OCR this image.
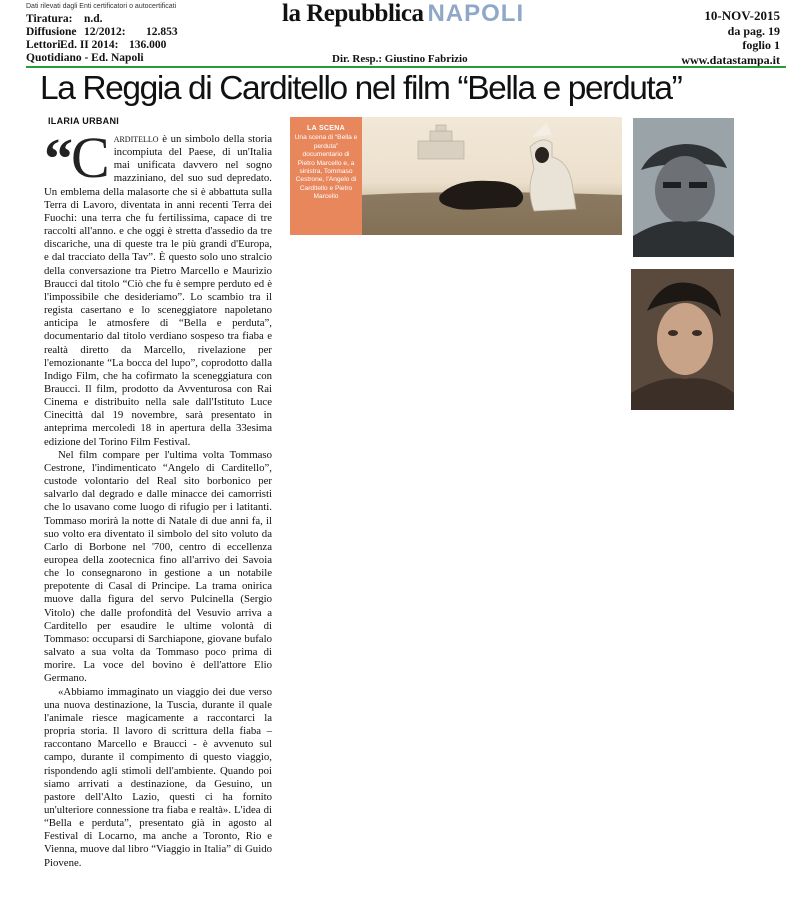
Dati rilevati dagli Enti certificatori o autocertificati
Tiratura: n.d.
Diffusione 12/2012: 12.853
LettoriEd. II 2014: 136.000
Quotidiano - Ed. Napoli
la Repubblica NAPOLI
Dir. Resp.: Giustino Fabrizio
10-NOV-2015
da pag. 19
foglio 1
www.datastampa.it
La Reggia di Carditello nel film “Bella e perduta”
ILARIA URBANI

“ C arditello è un simbolo della storia incompiuta del Paese, di un'Italia mai unificata davvero nel sogno mazziniano, del suo sud depredato. Un emblema della malasorte che si è abbattuta sulla Terra di Lavoro, diventata in anni recenti Terra dei Fuochi: una terra che fu fertilissima, capace di tre raccolti all'anno. e che oggi è stretta d'assedio da tre discariche, una di queste tra le più grandi d'Europa, e dal tracciato della Tav”. È questo solo uno stralcio della conversazione tra Pietro Marcello e Maurizio Braucci dal titolo “Ciò che fu è sempre perduto ed è l'impossibile che desideriamo”. Lo scambio tra il regista casertano e lo sceneggiatore napoletano anticipa le atmosfere di “Bella e perduta”, documentario dal titolo verdiano sospeso tra fiaba e realtà diretto da Marcello, rivelazione per l'emozionante “La bocca del lupo”, coprodotto dalla Indigo Film, che ha cofirmato la sceneggiatura con Braucci. Il film, prodotto da Avventurosa con Rai Cinema e distribuito nella sale dall'Istituto Luce Cinecittà dal 19 novembre, sarà presentato in anteprima mercoledì 18 in apertura della 33esima edizione del Torino Film Festival.

Nel film compare per l'ultima volta Tommaso Cestrone, l'indimenticato “Angelo di Carditello”, custode volontario del Real sito borbonico per salvarlo dal degrado e dalle minacce dei camorristi che lo usavano come luogo di rifugio per i latitanti. Tommaso morirà la notte di Natale di due anni fa, il suo volto era diventato il simbolo del sito voluto da Carlo di Borbone nel '700, centro di eccellenza europea della zootecnica fino all'arrivo dei Savoia che lo consegnarono in gestione a un notabile prepotente di Casal di Principe. La trama onirica muove dalla figura del servo Pulcinella (Sergio Vitolo) che dalle profondità del Vesuvio arriva a Carditello per esaudire le ultime volontà di Tommaso: occuparsi di Sarchiapone, giovane bufalo salvato a sua volta da Tommaso poco prima di morire. La voce del bovino è dell'attore Elio Germano.

«Abbiamo immaginato un viaggio dei due verso una nuova destinazione, la Tuscia, durante il quale l'animale riesce magicamente a raccontarci la propria storia. Il lavoro di scrittura della fiaba – raccontano Marcello e Braucci - è avvenuto sul campo, durante il compimento di questo viaggio, rispondendo agli stimoli dell'ambiente. Quando poi siamo arrivati a destinazione, da Gesuino, un pastore dell'Alto Lazio, questi ci ha fornito un'ulteriore connessione tra fiaba e realtà». L'idea di “Bella e perduta”, presentato già in agosto al Festival di Locarno, ma anche a Toronto, Rio e Vienna, muove dal libro “Viaggio in Italia” di Guido Piovene.

LA SCENA
Una scena di “Bella e perduta” documentario di Pietro Marcello e, a sinistra, Tommaso Cestrone, l'Angelo di Carditello e Pietro Marcello
